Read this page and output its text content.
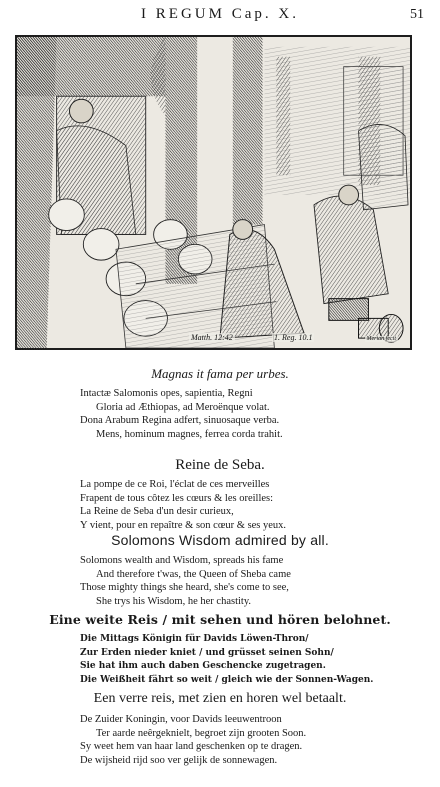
I REGUM Cap. X.	51
Matth. 12:42	1. Reg. 10.1	Merian fecit
Magnas it fama per urbes.
Intactæ Salomonis opes, sapientia, Regni
Gloria ad Æthiopas, ad Meroënque volat.
Dona Arabum Regina adfert, sinuosaque verba.
Mens, hominum magnes, ferrea corda trahit.
Reine de Seba.
La pompe de ce Roi, l'éclat de ces merveilles
Frapent de tous côtez les cœurs & les oreilles:
La Reine de Seba d'un desir curieux,
Y vient, pour en repaître & son cœur & ses yeux.
Solomons Wisdom admired by all.
Solomons wealth and Wisdom, spreads his fame
And therefore t'was, the Queen of Sheba came
Those mighty things she heard, she's come to see,
She trys his Wisdom, he her chastity.
Eine weite Reis / mit sehen und hören belohnet.
Die Mittags Königin für Davids Löwen-Thron/
Zur Erden nieder kniet / und grüsset seinen Sohn/
Sie hat ihm auch daben Geschencke zugetragen.
Die Weißheit fährt so weit / gleich wie der Sonnen-Wagen.
Een verre reis, met zien en horen wel betaalt.
De Zuider Koningin, voor Davids leeuwentroon
Ter aarde neêrgeknielt, begroet zijn grooten Soon.
Sy weet hem van haar land geschenken op te dragen.
De wijsheid rijd soo ver gelijk de sonnewagen.
